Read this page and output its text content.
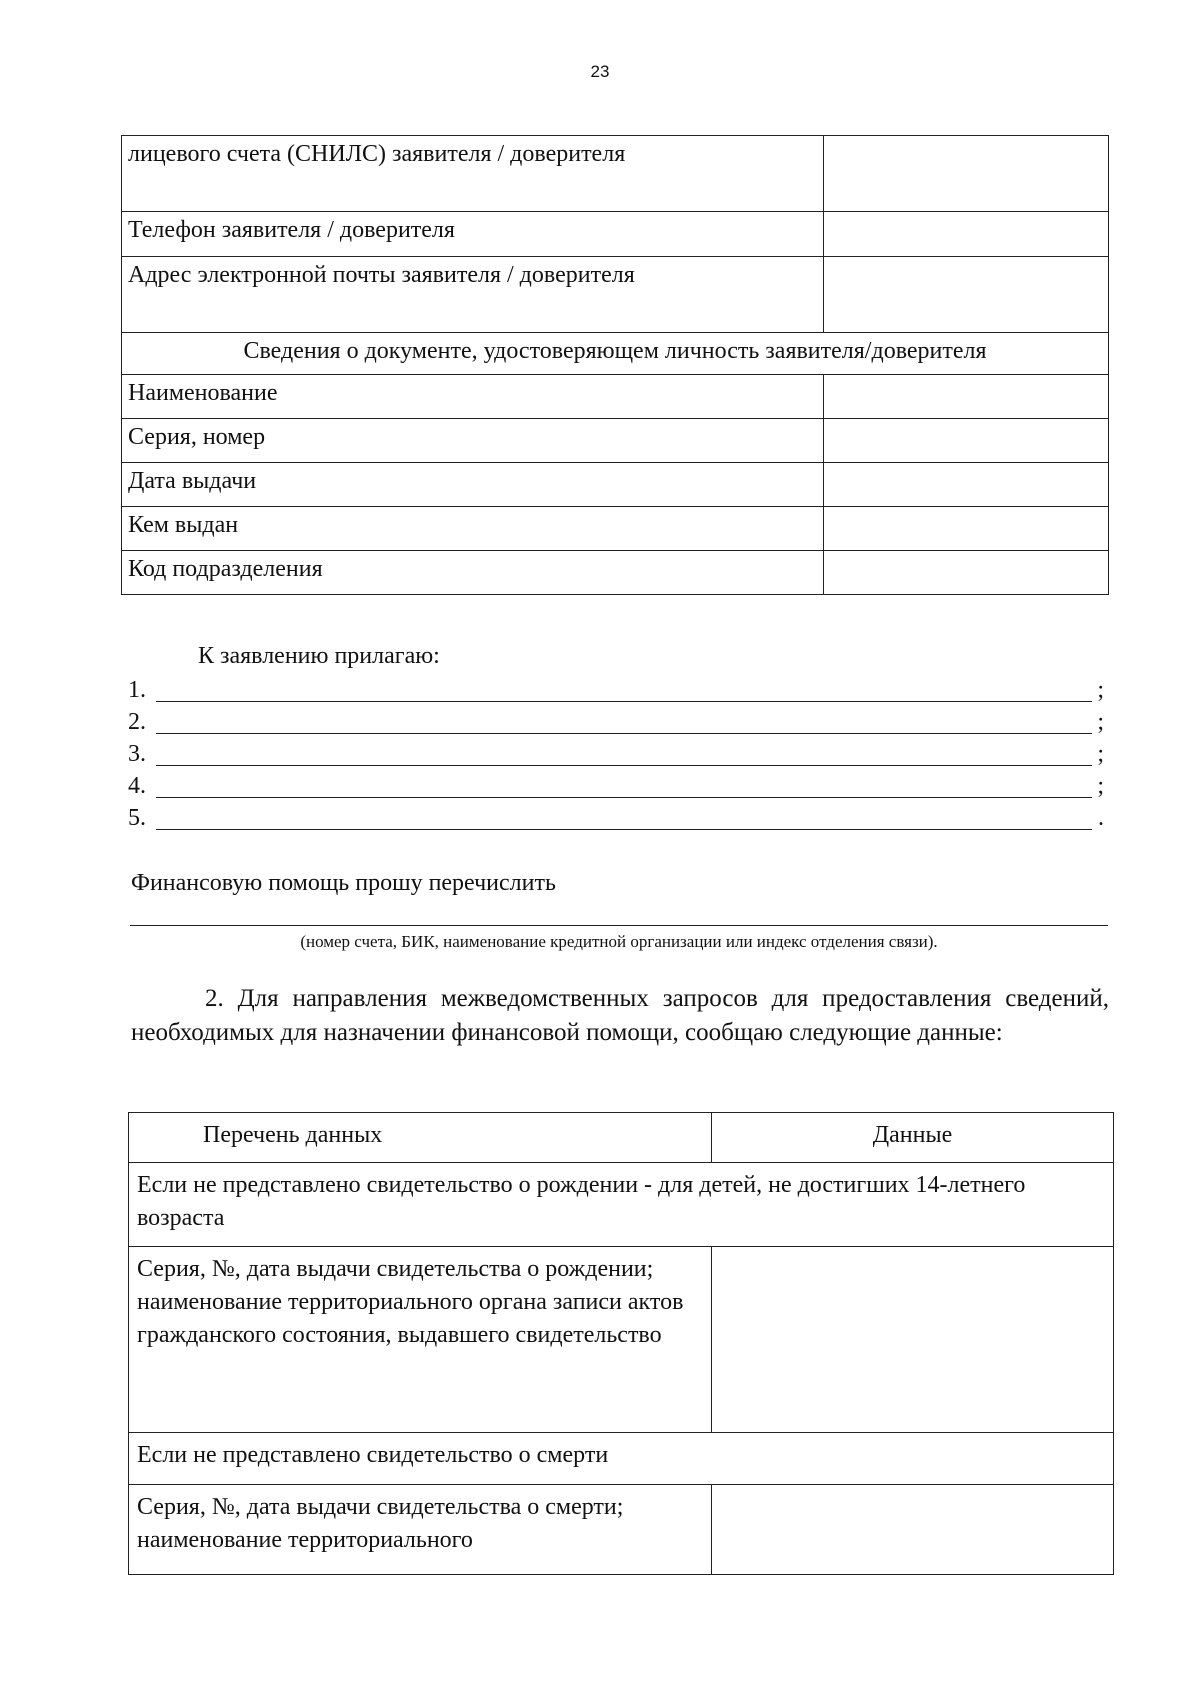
23
лицевого счета (СНИЛС) заявителя / доверителя	
Телефон заявителя / доверителя	
Адрес электронной почты заявителя / доверителя	
Сведения о документе, удостоверяющем личность заявителя/доверителя	
Наименование	
Серия, номер	
Дата выдачи	
Кем выдан	
Код подразделения	
К заявлению прилагаю:
1.	;
2.	;
3.	;
4.	;
5.	.
Финансовую помощь прошу перечислить
(номер счета, БИК, наименование кредитной организации или индекс отделения связи).
2. Для направления межведомственных запросов для предоставления сведений, необходимых для назначении финансовой помощи, сообщаю следующие данные:
Перечень данных	Данные
Если не представлено свидетельство о рождении - для детей, не достигших 14-летнего возраста	
Серия, №, дата выдачи свидетельства о рождении; наименование территориального органа записи актов гражданского состояния, выдавшего свидетельство	
Если не представлено свидетельство о смерти	
Серия, №, дата выдачи свидетельства о смерти; наименование территориального	
